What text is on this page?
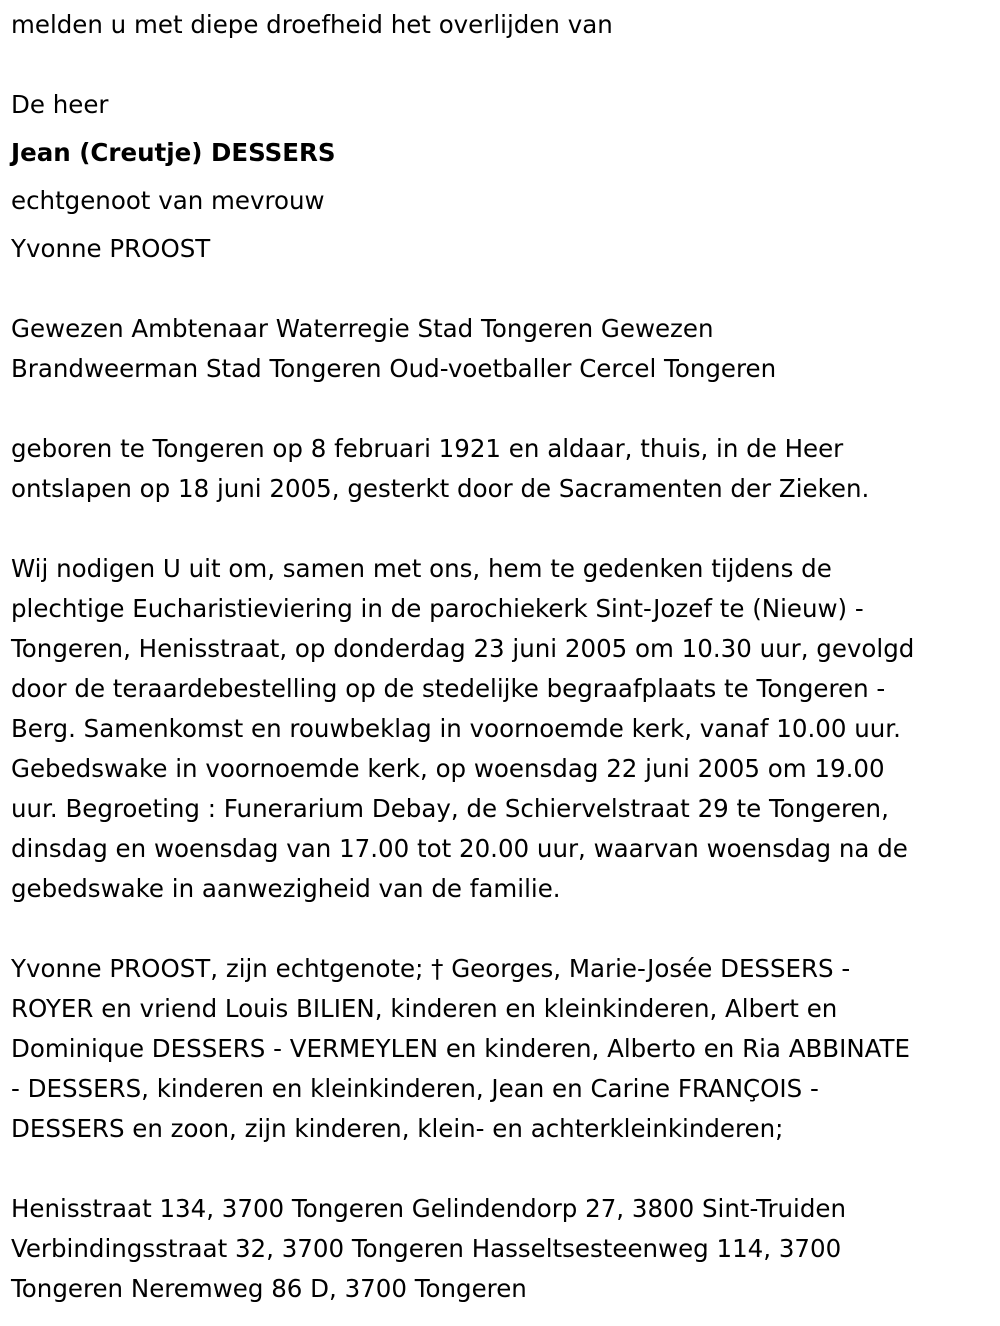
melden u met diepe droefheid het overlijden van
De heer
Jean (Creutje) DESSERS
echtgenoot van mevrouw
Yvonne PROOST
Gewezen Ambtenaar Waterregie Stad Tongeren Gewezen
Brandweerman Stad Tongeren Oud-voetballer Cercel Tongeren
geboren te Tongeren op 8 februari 1921 en aldaar, thuis, in de Heer
ontslapen op 18 juni 2005, gesterkt door de Sacramenten der Zieken.
Wij nodigen U uit om, samen met ons, hem te gedenken tijdens de
plechtige Eucharistieviering in de parochiekerk Sint-Jozef te (Nieuw) -
Tongeren, Henisstraat, op donderdag 23 juni 2005 om 10.30 uur, gevolgd
door de teraardebestelling op de stedelijke begraafplaats te Tongeren -
Berg. Samenkomst en rouwbeklag in voornoemde kerk, vanaf 10.00 uur.
Gebedswake in voornoemde kerk, op woensdag 22 juni 2005 om 19.00
uur. Begroeting : Funerarium Debay, de Schiervelstraat 29 te Tongeren,
dinsdag en woensdag van 17.00 tot 20.00 uur, waarvan woensdag na de
gebedswake in aanwezigheid van de familie.
Yvonne PROOST, zijn echtgenote; † Georges, Marie-Josée DESSERS -
ROYER en vriend Louis BILIEN, kinderen en kleinkinderen, Albert en
Dominique DESSERS - VERMEYLEN en kinderen, Alberto en Ria ABBINATE
- DESSERS, kinderen en kleinkinderen, Jean en Carine FRANÇOIS -
DESSERS en zoon, zijn kinderen, klein- en achterkleinkinderen;
Henisstraat 134, 3700 Tongeren Gelindendorp 27, 3800 Sint-Truiden
Verbindingsstraat 32, 3700 Tongeren Hasseltsesteenweg 114, 3700
Tongeren Neremweg 86 D, 3700 Tongeren
